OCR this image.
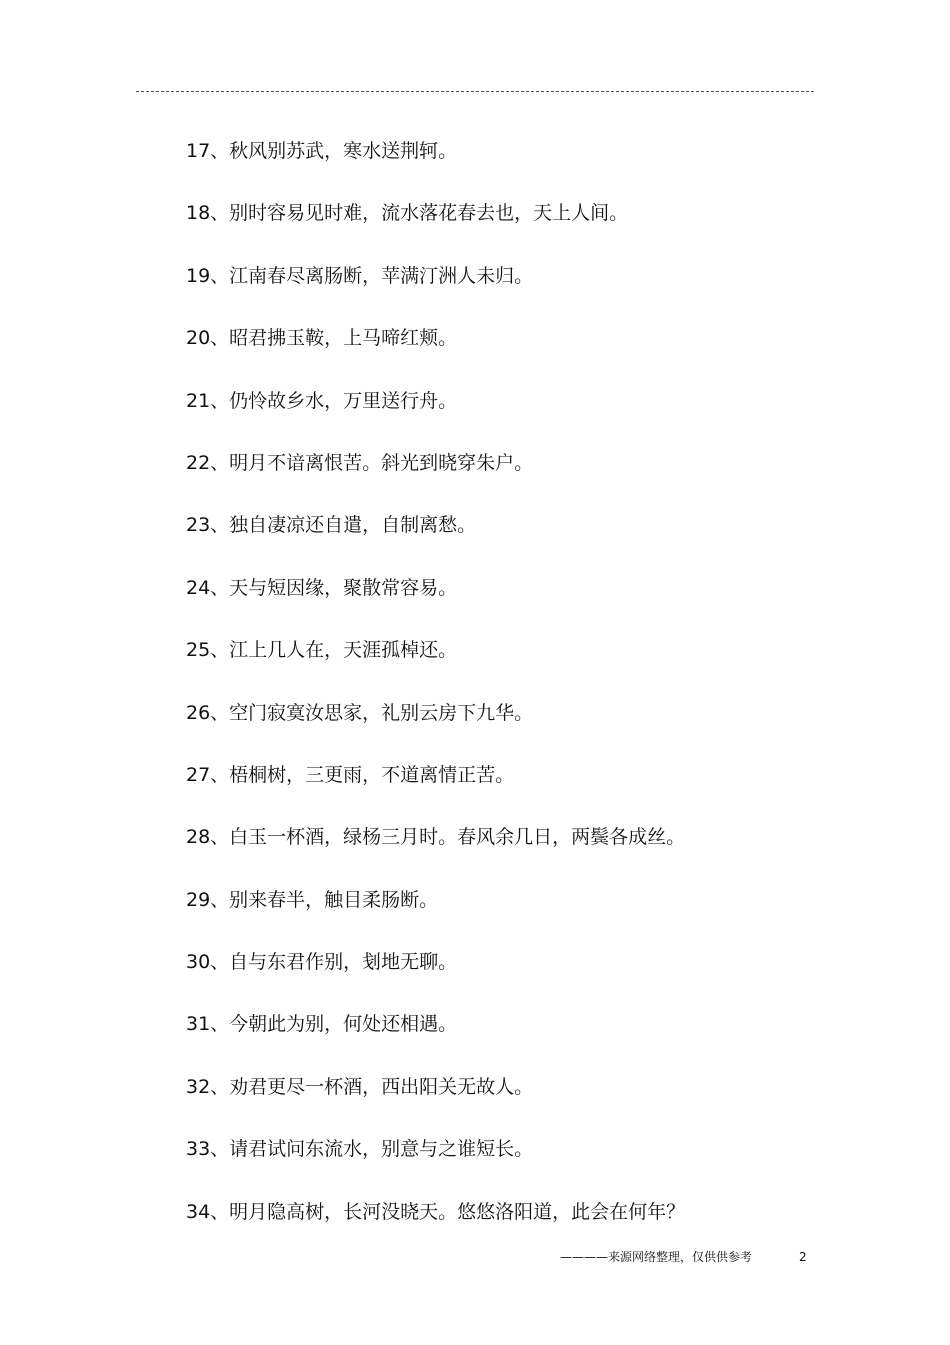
17、秋风别苏武，寒水送荆轲。
18、别时容易见时难，流水落花春去也，天上人间。
19、江南春尽离肠断，苹满汀洲人未归。
20、昭君拂玉鞍，上马啼红颊。
21、仍怜故乡水，万里送行舟。
22、明月不谙离恨苦。斜光到晓穿朱户。
23、独自凄凉还自遣，自制离愁。
24、天与短因缘，聚散常容易。
25、江上几人在，天涯孤棹还。
26、空门寂寞汝思家，礼别云房下九华。
27、梧桐树，三更雨，不道离情正苦。
28、白玉一杯酒，绿杨三月时。春风余几日，两鬓各成丝。
29、别来春半，触目柔肠断。
30、自与东君作别，刬地无聊。
31、今朝此为别，何处还相遇。
32、劝君更尽一杯酒，西出阳关无故人。
33、请君试问东流水，别意与之谁短长。
34、明月隐高树，长河没晓天。悠悠洛阳道，此会在何年？
————来源网络整理，仅供供参考	2
